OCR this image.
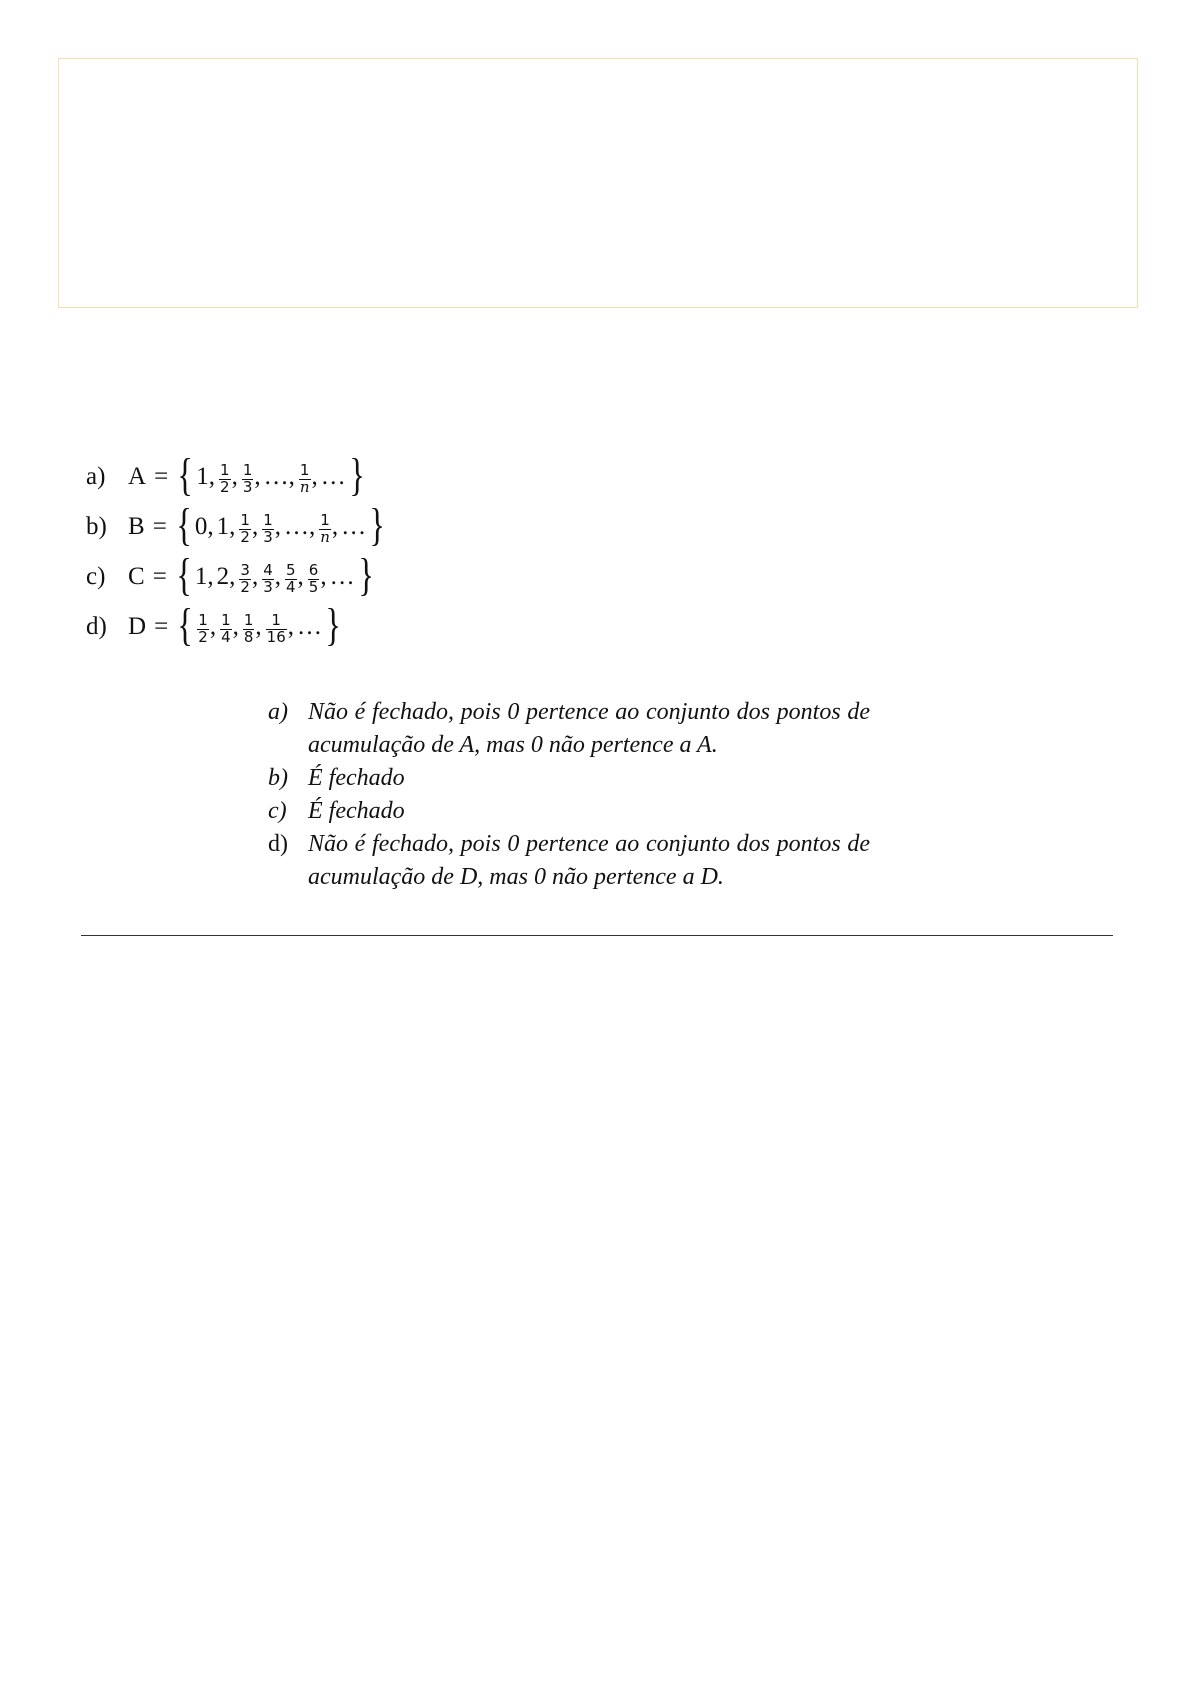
a) A = { 1 , $\frac{1}{2}$ , $\frac{1}{3}$ , … , $\frac{1}{n}$ , … }
b) B = { 0 , 1 , $\frac{1}{2}$ , $\frac{1}{3}$ , … , $\frac{1}{n}$ , … }
c) C = { 1 , 2 , $\frac{3}{2}$ , $\frac{4}{3}$ , $\frac{5}{4}$ , $\frac{6}{5}$ , … }
d) D = { $\frac{1}{2}$ , $\frac{1}{4}$ , $\frac{1}{8}$ , $\frac{1}{16}$ , … }
a) Não é fechado, pois 0 pertence ao conjunto dos pontos de acumulação de A, mas 0 não pertence a A.
b) É fechado
c) É fechado
d) Não é fechado, pois 0 pertence ao conjunto dos pontos de acumulação de D, mas 0 não pertence a D.
